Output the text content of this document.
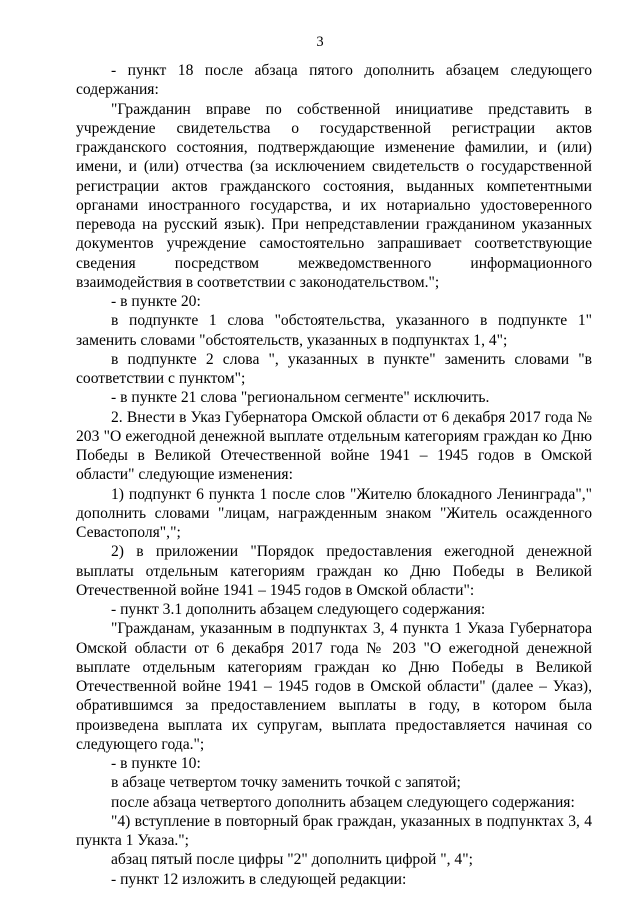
3

- пункт 18 после абзаца пятого дополнить абзацем следующего содержания:

"Гражданин вправе по собственной инициативе представить в учреждение свидетельства о государственной регистрации актов гражданского состояния, подтверждающие изменение фамилии, и (или) имени, и (или) отчества (за исключением свидетельств о государственной регистрации актов гражданского состояния, выданных компетентными органами иностранного государства, и их нотариально удостоверенного перевода на русский язык). При непредставлении гражданином указанных документов учреждение самостоятельно запрашивает соответствующие сведения посредством межведомственного информационного взаимодействия в соответствии с законодательством.";

- в пункте 20:

в подпункте 1 слова "обстоятельства, указанного в подпункте 1" заменить словами "обстоятельств, указанных в подпунктах 1, 4";

в подпункте 2 слова ", указанных в пункте" заменить словами "в соответствии с пунктом";

- в пункте 21 слова "региональном сегменте" исключить.

2. Внести в Указ Губернатора Омской области от 6 декабря 2017 года № 203 "О ежегодной денежной выплате отдельным категориям граждан ко Дню Победы в Великой Отечественной войне 1941 – 1945 годов в Омской области" следующие изменения:

1) подпункт 6 пункта 1 после слов "Жителю блокадного Ленинграда"," дополнить словами "лицам, награжденным знаком "Житель осажденного Севастополя",";

2) в приложении "Порядок предоставления ежегодной денежной выплаты отдельным категориям граждан ко Дню Победы в Великой Отечественной войне 1941 – 1945 годов в Омской области":

- пункт 3.1 дополнить абзацем следующего содержания:

"Гражданам, указанным в подпунктах 3, 4 пункта 1 Указа Губернатора Омской области от 6 декабря 2017 года № 203 "О ежегодной денежной выплате отдельным категориям граждан ко Дню Победы в Великой Отечественной войне 1941 – 1945 годов в Омской области" (далее – Указ), обратившимся за предоставлением выплаты в году, в котором была произведена выплата их супругам, выплата предоставляется начиная со следующего года.";

- в пункте 10:

в абзаце четвертом точку заменить точкой с запятой;

после абзаца четвертого дополнить абзацем следующего содержания:

"4) вступление в повторный брак граждан, указанных в подпунктах 3, 4 пункта 1 Указа.";

абзац пятый после цифры "2" дополнить цифрой ", 4";

- пункт 12 изложить в следующей редакции:
